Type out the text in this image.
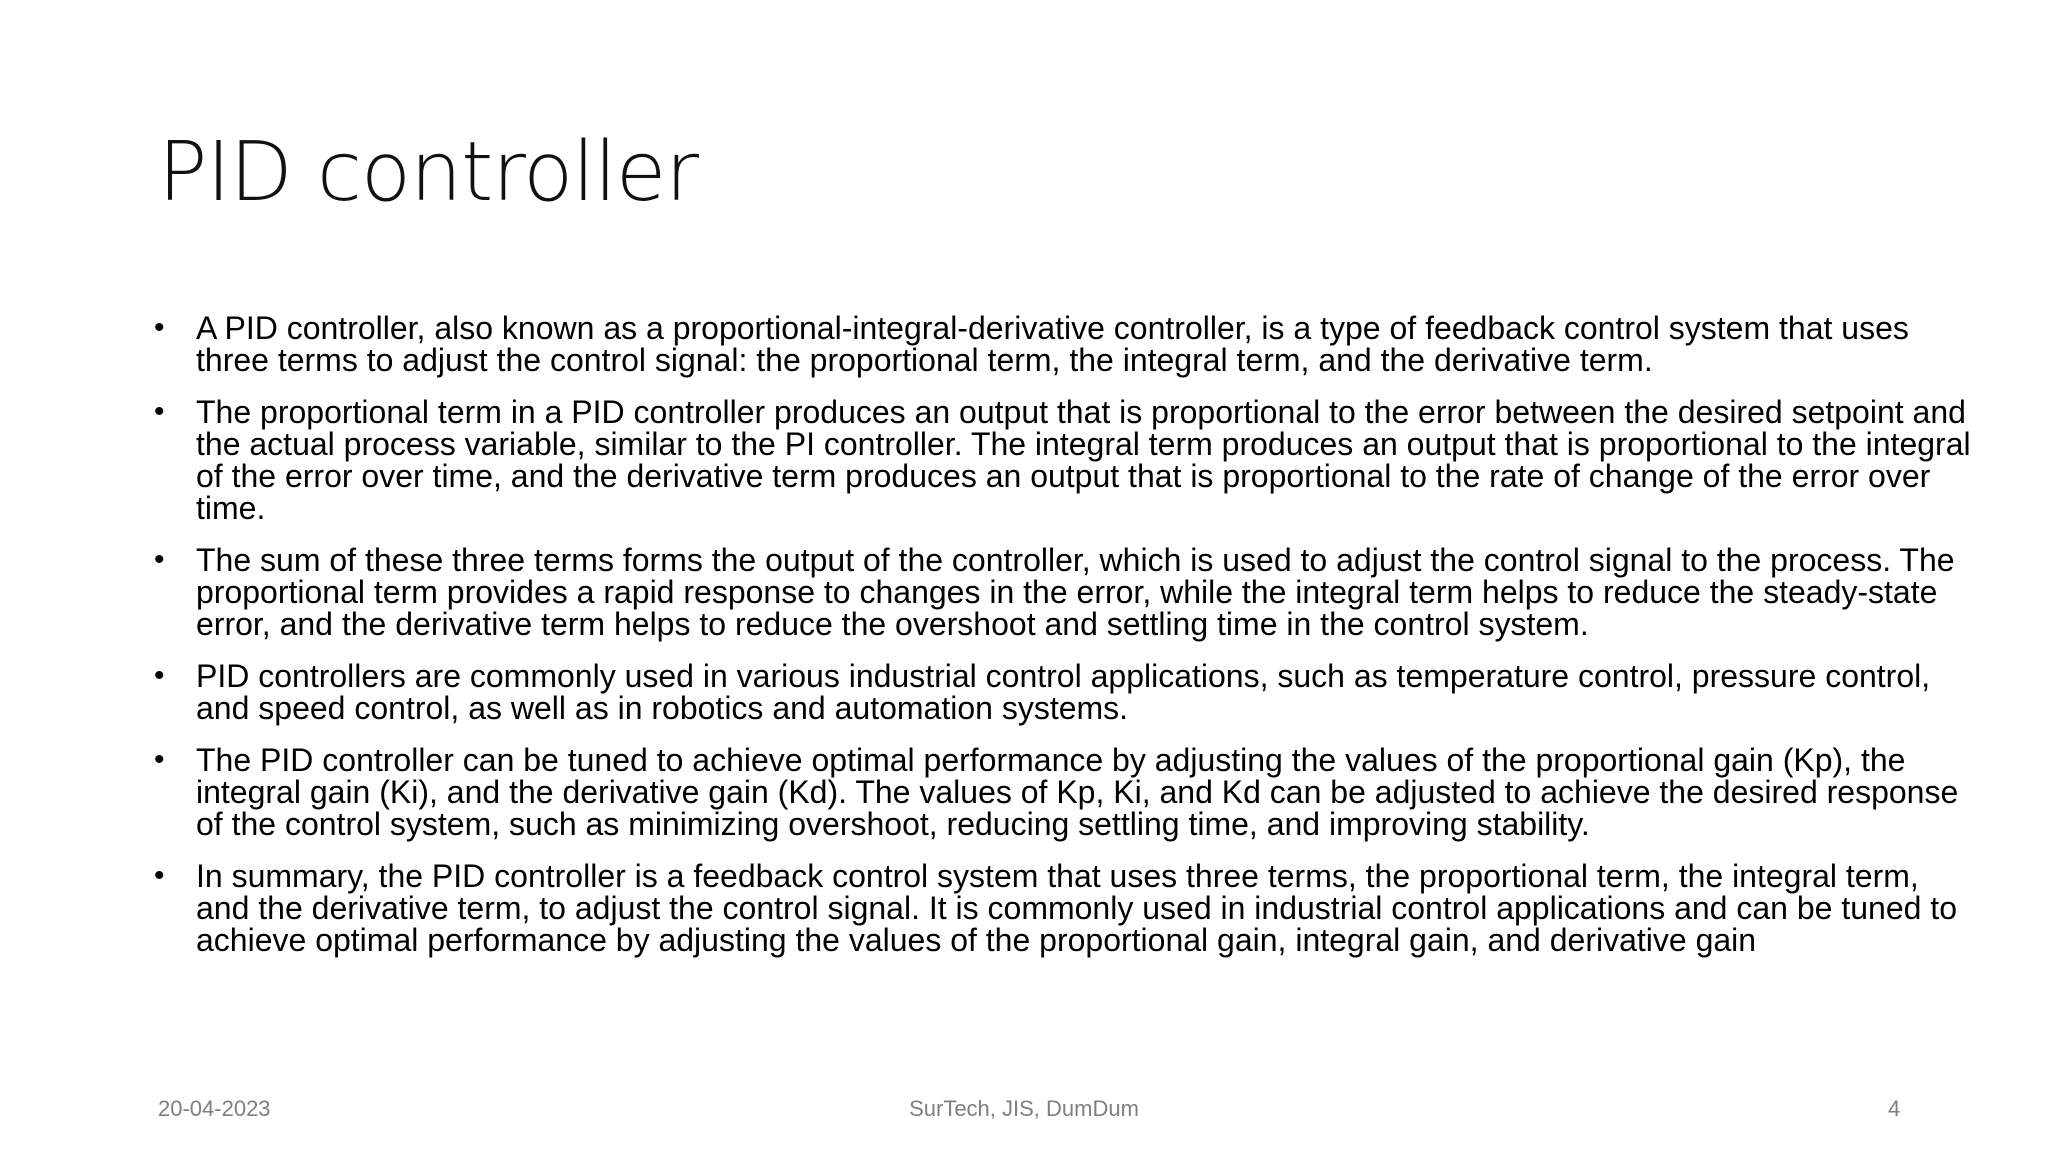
PID controller
• A PID controller, also known as a proportional-integral-derivative controller, is a type of feedback control system that uses three terms to adjust the control signal: the proportional term, the integral term, and the derivative term.
• The proportional term in a PID controller produces an output that is proportional to the error between the desired setpoint and the actual process variable, similar to the PI controller. The integral term produces an output that is proportional to the integral of the error over time, and the derivative term produces an output that is proportional to the rate of change of the error over time.
• The sum of these three terms forms the output of the controller, which is used to adjust the control signal to the process. The proportional term provides a rapid response to changes in the error, while the integral term helps to reduce the steady-state error, and the derivative term helps to reduce the overshoot and settling time in the control system.
• PID controllers are commonly used in various industrial control applications, such as temperature control, pressure control, and speed control, as well as in robotics and automation systems.
• The PID controller can be tuned to achieve optimal performance by adjusting the values of the proportional gain (Kp), the integral gain (Ki), and the derivative gain (Kd). The values of Kp, Ki, and Kd can be adjusted to achieve the desired response of the control system, such as minimizing overshoot, reducing settling time, and improving stability.
• In summary, the PID controller is a feedback control system that uses three terms, the proportional term, the integral term, and the derivative term, to adjust the control signal. It is commonly used in industrial control applications and can be tuned to achieve optimal performance by adjusting the values of the proportional gain, integral gain, and derivative gain
20-04-2023	SurTech, JIS, DumDum	4
